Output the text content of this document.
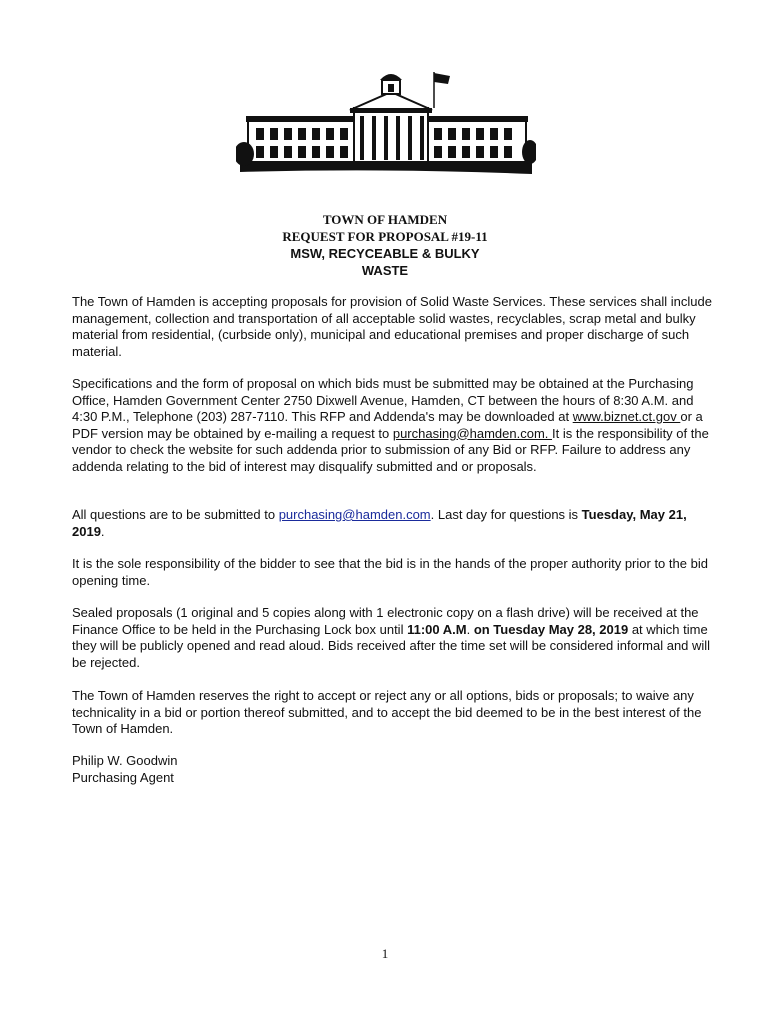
TOWN OF HAMDEN
REQUEST FOR PROPOSAL #19-11
MSW, RECYCEABLE & BULKY
WASTE

The Town of Hamden is accepting proposals for provision of Solid Waste Services. These services shall include management, collection and transportation of all acceptable solid wastes, recyclables, scrap metal and bulky material from residential, (curbside only), municipal and educational premises and proper discharge of such material.

Specifications and the form of proposal on which bids must be submitted may be obtained at the Purchasing Office, Hamden Government Center 2750 Dixwell Avenue, Hamden, CT between the hours of 8:30 A.M. and 4:30 P.M., Telephone (203) 287-7110. This RFP and Addenda's may be downloaded at www.biznet.ct.gov or a PDF version may be obtained by e-mailing a request to purchasing@hamden.com. It is the responsibility of the vendor to check the website for such addenda prior to submission of any Bid or RFP. Failure to address any addenda relating to the bid of interest may disqualify submitted and or proposals.

All questions are to be submitted to purchasing@hamden.com. Last day for questions is Tuesday, May 21, 2019.

It is the sole responsibility of the bidder to see that the bid is in the hands of the proper authority prior to the bid opening time.

Sealed proposals (1 original and 5 copies along with 1 electronic copy on a flash drive) will be received at the Finance Office to be held in the Purchasing Lock box until 11:00 A.M. on Tuesday May 28, 2019 at which time they will be publicly opened and read aloud. Bids received after the time set will be considered informal and will be rejected.

The Town of Hamden reserves the right to accept or reject any or all options, bids or proposals; to waive any technicality in a bid or portion thereof submitted, and to accept the bid deemed to be in the best interest of the Town of Hamden.

Philip W. Goodwin

Purchasing Agent

1
